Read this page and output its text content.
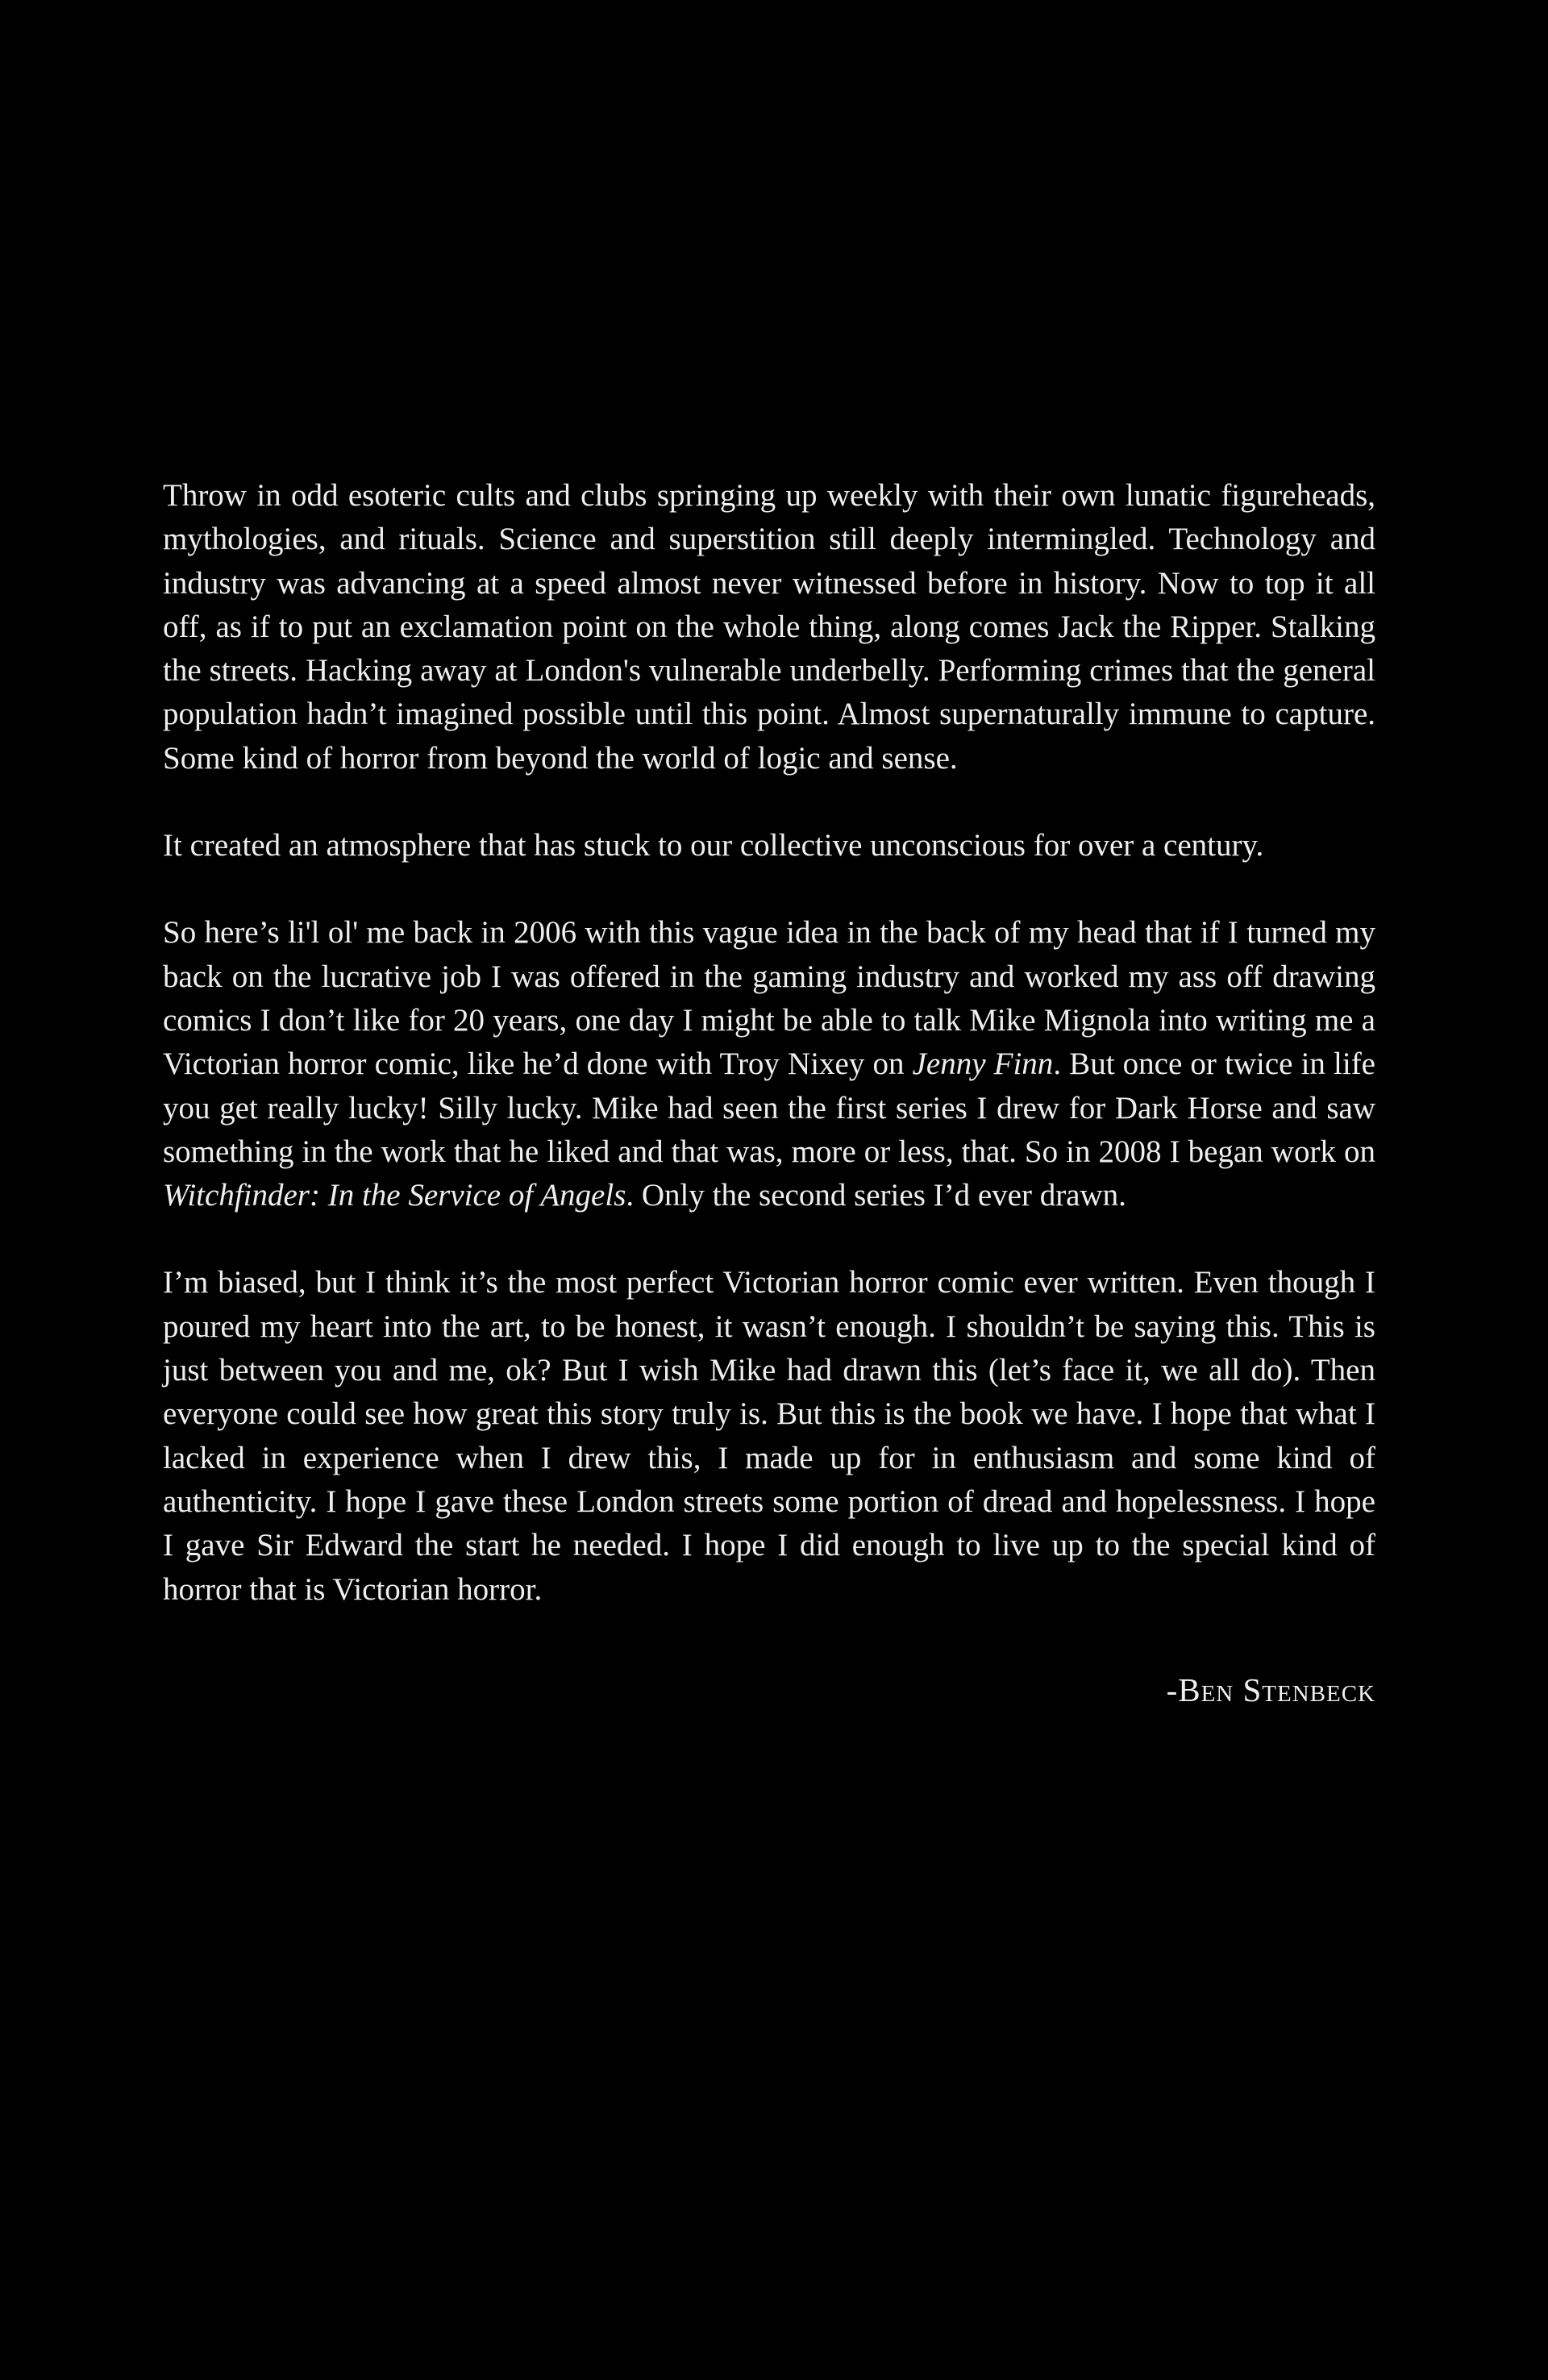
Throw in odd esoteric cults and clubs springing up weekly with their own lunatic figureheads, mythologies, and rituals. Science and superstition still deeply intermingled. Technology and industry was advancing at a speed almost never witnessed before in history. Now to top it all off, as if to put an exclamation point on the whole thing, along comes Jack the Ripper. Stalking the streets. Hacking away at London's vulnerable underbelly. Performing crimes that the general population hadn’t imagined possible until this point. Almost supernaturally immune to capture. Some kind of horror from beyond the world of logic and sense.

It created an atmosphere that has stuck to our collective unconscious for over a century.

So here’s li'l ol' me back in 2006 with this vague idea in the back of my head that if I turned my back on the lucrative job I was offered in the gaming industry and worked my ass off drawing comics I don’t like for 20 years, one day I might be able to talk Mike Mignola into writing me a Victorian horror comic, like he’d done with Troy Nixey on Jenny Finn. But once or twice in life you get really lucky! Silly lucky. Mike had seen the first series I drew for Dark Horse and saw something in the work that he liked and that was, more or less, that. So in 2008 I began work on Witchfinder: In the Service of Angels. Only the second series I’d ever drawn.

I’m biased, but I think it’s the most perfect Victorian horror comic ever written. Even though I poured my heart into the art, to be honest, it wasn’t enough. I shouldn’t be saying this. This is just between you and me, ok? But I wish Mike had drawn this (let’s face it, we all do). Then everyone could see how great this story truly is. But this is the book we have. I hope that what I lacked in experience when I drew this, I made up for in enthusiasm and some kind of authenticity. I hope I gave these London streets some portion of dread and hopelessness. I hope I gave Sir Edward the start he needed. I hope I did enough to live up to the special kind of horror that is Victorian horror.

-Ben Stenbeck
